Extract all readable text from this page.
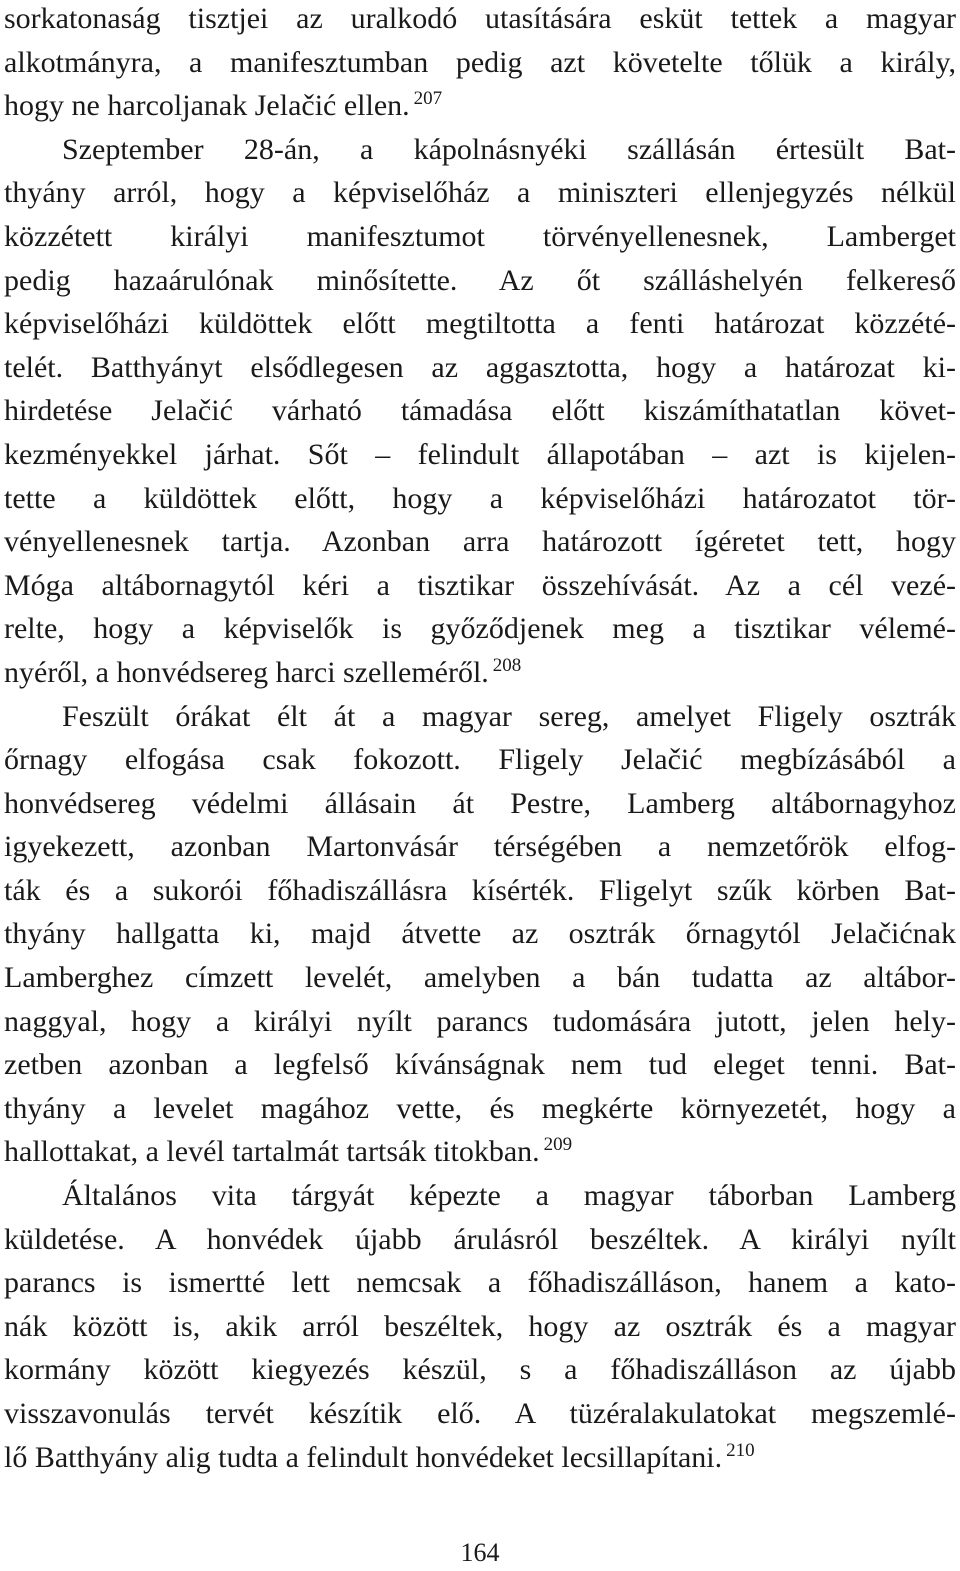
sorkatonaság tisztjei az uralkodó utasítására esküt tettek a magyar
alkotmányra, a manifesztumban pedig azt követelte tőlük a király,
hogy ne harcoljanak Jelačić ellen. $^{207}$
Szeptember 28-án, a kápolnásnyéki szállásán értesült Bat-
thyány arról, hogy a képviselőház a miniszteri ellenjegyzés nélkül
közzétett királyi manifesztumot törvényellenesnek, Lamberget
pedig hazaárulónak minősítette. Az őt szálláshelyén felkereső
képviselőházi küldöttek előtt megtiltotta a fenti határozat közzété-
telét. Batthyányt elsődlegesen az aggasztotta, hogy a határozat ki-
hirdetése Jelačić várható támadása előtt kiszámíthatatlan követ-
kezményekkel járhat. Sőt – felindult állapotában – azt is kijelen-
tette a küldöttek előtt, hogy a képviselőházi határozatot tör-
vényellenesnek tartja. Azonban arra határozott ígéretet tett, hogy
Móga altábornagytól kéri a tisztikar összehívását. Az a cél vezé-
relte, hogy a képviselők is győződjenek meg a tisztikar vélemé-
nyéről, a honvédsereg harci szelleméről. $^{208}$
Feszült órákat élt át a magyar sereg, amelyet Fligely osztrák
őrnagy elfogása csak fokozott. Fligely Jelačić megbízásából a
honvédsereg védelmi állásain át Pestre, Lamberg altábornagyhoz
igyekezett, azonban Martonvásár térségében a nemzetőrök elfog-
ták és a sukorói főhadiszállásra kísérték. Fligelyt szűk körben Bat-
thyány hallgatta ki, majd átvette az osztrák őrnagytól Jelačićnak
Lamberghez címzett levelét, amelyben a bán tudatta az altábor-
naggyal, hogy a királyi nyílt parancs tudomására jutott, jelen hely-
zetben azonban a legfelső kívánságnak nem tud eleget tenni. Bat-
thyány a levelet magához vette, és megkérte környezetét, hogy a
hallottakat, a levél tartalmát tartsák titokban. $^{209}$
Általános vita tárgyát képezte a magyar táborban Lamberg
küldetése. A honvédek újabb árulásról beszéltek. A királyi nyílt
parancs is ismertté lett nemcsak a főhadiszálláson, hanem a kato-
nák között is, akik arról beszéltek, hogy az osztrák és a magyar
kormány között kiegyezés készül, s a főhadiszálláson az újabb
visszavonulás tervét készítik elő. A tüzéralakulatokat megszemlé-
lő Batthyány alig tudta a felindult honvédeket lecsillapítani. $^{210}$
164
